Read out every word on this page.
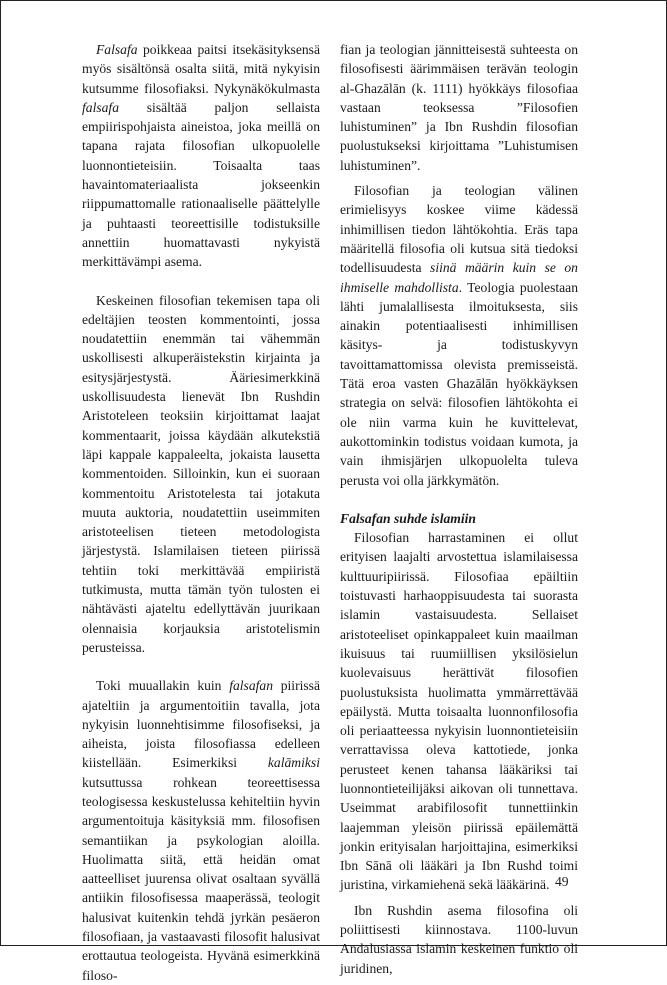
Falsafa poikkeaa paitsi itsekäsityksensä myös sisältönsä osalta siitä, mitä nykyisin kutsumme filosofiaksi. Nykynäkökulmasta falsafa sisältää paljon sellaista empiirispohjaista aineistoa, joka meillä on tapana rajata filosofian ulkopuolelle luonnontieteisiin. Toisaalta taas havaintomateriaalista jokseenkin riippumattomalle rationaaliselle päättelylle ja puhtaasti teoreettisille todistuksille annettiin huomattavasti nykyistä merkittävämpi asema.

Keskeinen filosofian tekemisen tapa oli edeltäjien teosten kommentointi, jossa noudatettiin enemmän tai vähemmän uskollisesti alkuperäistekstin kirjainta ja esitysjärjestystä. Ääriesimerkkinä uskollisuudesta lienevät Ibn Rushdin Aristoteleen teoksiin kirjoittamat laajat kommentaarit, joissa käydään alkutekstiä läpi kappale kappaleelta, jokaista lausetta kommentoiden. Silloinkin, kun ei suoraan kommentoitu Aristotelesta tai jotakuta muuta auktoria, noudatettiin useimmiten aristoteelisen tieteen metodologista järjestystä. Islamilaisen tieteen piirissä tehtiin toki merkittävää empiiristä tutkimusta, mutta tämän työn tulosten ei nähtävästi ajateltu edellyttävän juurikaan olennaisia korjauksia aristotelismin perusteissa.

Toki muuallakin kuin falsafan piirissä ajateltiin ja argumentoitiin tavalla, jota nykyisin luonnehtisimme filosofiseksi, ja aiheista, joista filosofiassa edelleen kiistellään. Esimerkiksi kalāmiksi kutsuttussa rohkean teoreettisessa teologisessa keskustelussa kehiteltiin hyvin argumentoituja käsityksiä mm. filosofisen semantiikan ja psykologian aloilla. Huolimatta siitä, että heidän omat aatteelliset juurensa olivat osaltaan syvällä antiikin filosofisessa maaperässä, teologit halusivat kuitenkin tehdä jyrkän pesäeron filosofiaan, ja vastaavasti filosofit halusivat erottautua teologeista. Hyvänä esimerkkinä filoso-

fian ja teologian jännitteisestä suhteesta on filosofisesti äärimmäisen terävän teologin al-Ghazālān (k. 1111) hyökkäys filosofiaa vastaan teoksessa ”Filosofien luhistuminen” ja Ibn Rushdin filosofian puolustukseksi kirjoittama ”Luhistumisen luhistuminen”.

Filosofian ja teologian välinen erimielisyys koskee viime kädessä inhimillisen tiedon lähtökohtia. Eräs tapa määritellä filosofia oli kutsua sitä tiedoksi todellisuudesta siinä määrin kuin se on ihmiselle mahdollista. Teologia puolestaan lähti jumalallisesta ilmoituksesta, siis ainakin potentiaalisesti inhimillisen käsitys- ja todistuskyvyn tavoittamattomissa olevista premisseistä. Tätä eroa vasten Ghazālān hyökkäyksen strategia on selvä: filosofien lähtökohta ei ole niin varma kuin he kuvittelevat, aukottominkin todistus voidaan kumota, ja vain ihmisjärjen ulkopuolelta tuleva perusta voi olla järkkymätön.

Falsafan suhde islamiin

Filosofian harrastaminen ei ollut erityisen laajalti arvostettua islamilaisessa kulttuuripiirissä. Filosofiaa epäiltiin toistuvasti harhaoppisuudesta tai suorasta islamin vastaisuudesta. Sellaiset aristoteeliset opinkappaleet kuin maailman ikuisuus tai ruumiillisen yksilösielun kuolevaisuus herättivät filosofien puolustuksista huolimatta ymmärrettävää epäilystä. Mutta toisaalta luonnonfilosofia oli periaatteessa nykyisin luonnontieteisiin verrattavissa oleva kattotiede, jonka perusteet kenen tahansa lääkäriksi tai luonnontieteilijäksi aikovan oli tunnettava. Useimmat arabifilosofit tunnettiinkin laajemman yleisön piirissä epäilemättä jonkin erityisalan harjoittajina, esimerkiksi Ibn Sānā oli lääkäri ja Ibn Rushd toimi juristina, virkamiehenä sekä lääkärinä.

Ibn Rushdin asema filosofina oli poliittisesti kiinnostava. 1100-luvun Andalusiassa islamin keskeinen funktio oli juridinen,

49
